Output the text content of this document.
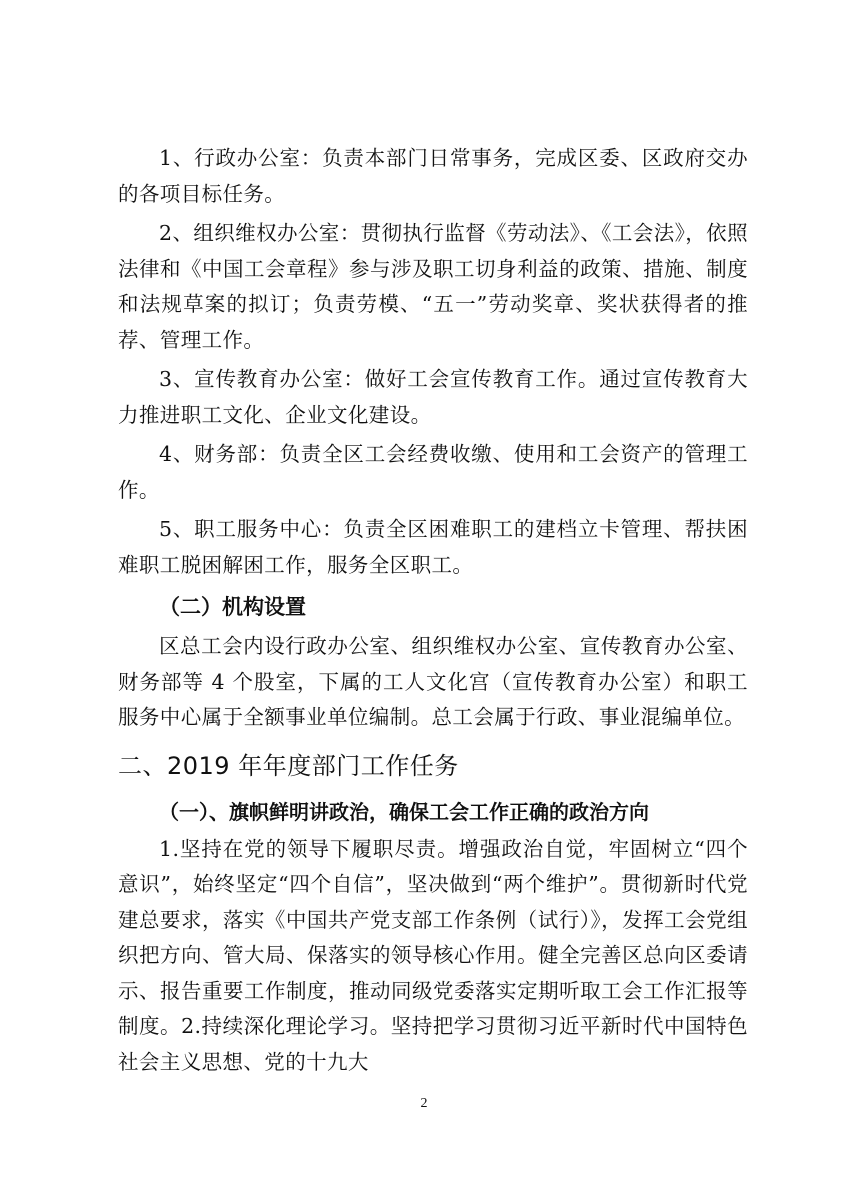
1、行政办公室：负责本部门日常事务，完成区委、区政府交办的各项目标任务。

2、组织维权办公室：贯彻执行监督《劳动法》、《工会法》，依照法律和《中国工会章程》参与涉及职工切身利益的政策、措施、制度和法规草案的拟订；负责劳模、“五一”劳动奖章、奖状获得者的推荐、管理工作。

3、宣传教育办公室：做好工会宣传教育工作。通过宣传教育大力推进职工文化、企业文化建设。

4、财务部：负责全区工会经费收缴、使用和工会资产的管理工作。

5、职工服务中心：负责全区困难职工的建档立卡管理、帮扶困难职工脱困解困工作，服务全区职工。

（二）机构设置

区总工会内设行政办公室、组织维权办公室、宣传教育办公室、财务部等 4 个股室，下属的工人文化宫（宣传教育办公室）和职工服务中心属于全额事业单位编制。总工会属于行政、事业混编单位。

二、2019 年年度部门工作任务
（一）、旗帜鲜明讲政治，确保工会工作正确的政治方向

1.坚持在党的领导下履职尽责。增强政治自觉，牢固树立“四个意识”，始终坚定“四个自信”，坚决做到“两个维护”。贯彻新时代党建总要求，落实《中国共产党支部工作条例（试行）》，发挥工会党组织把方向、管大局、保落实的领导核心作用。健全完善区总向区委请示、报告重要工作制度，推动同级党委落实定期听取工会工作汇报等制度。2.持续深化理论学习。坚持把学习贯彻习近平新时代中国特色社会主义思想、党的十九大

2
